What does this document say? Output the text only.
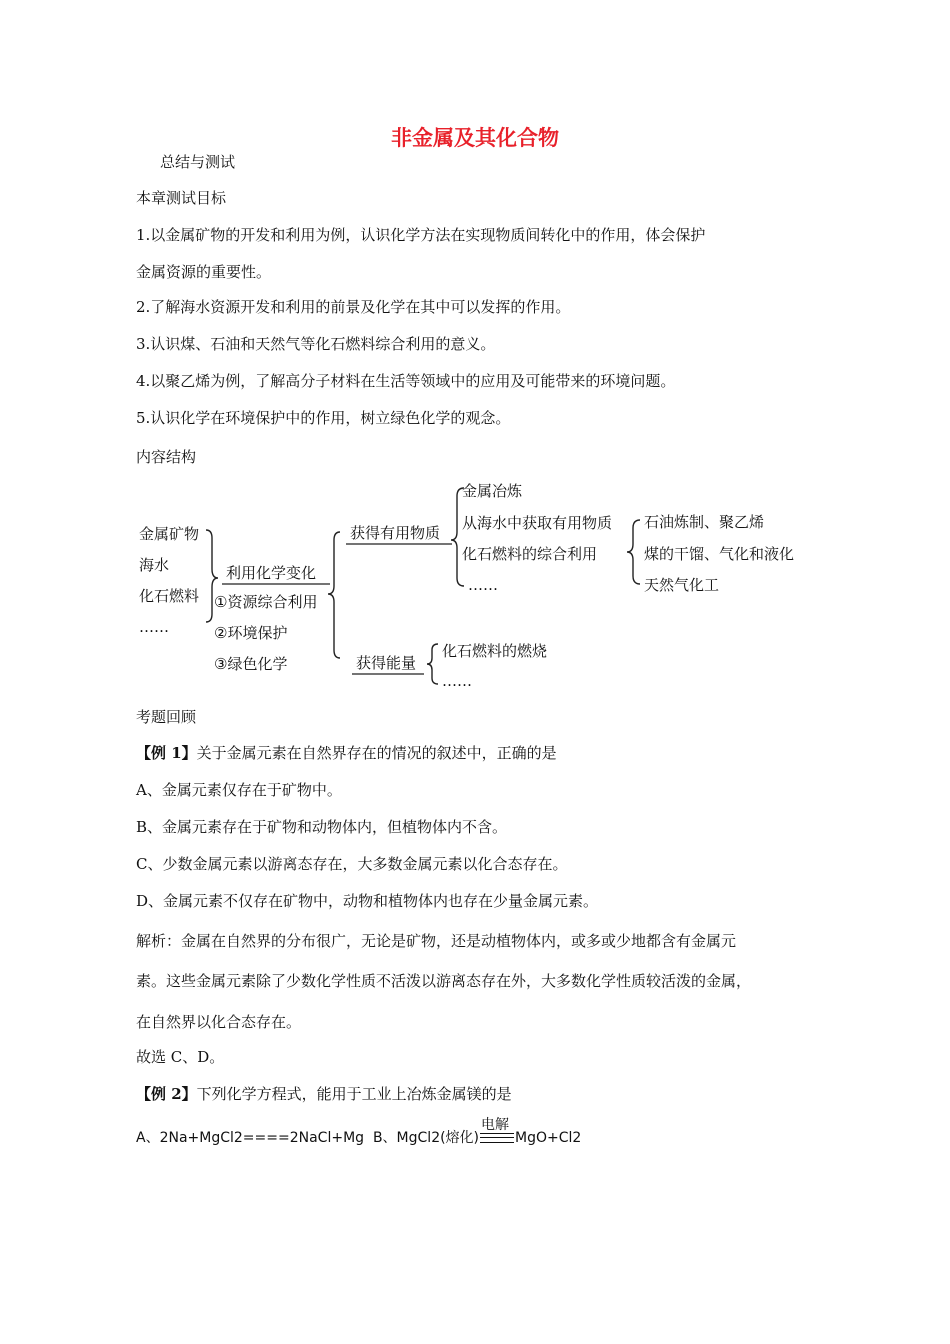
非金属及其化合物
总结与测试
本章测试目标
1.以金属矿物的开发和利用为例，认识化学方法在实现物质间转化中的作用，体会保护
金属资源的重要性。
2.了解海水资源开发和利用的前景及化学在其中可以发挥的作用。
3.认识煤、石油和天然气等化石燃料综合利用的意义。
4.以聚乙烯为例，了解高分子材料在生活等领域中的应用及可能带来的环境问题。
5.认识化学在环境保护中的作用，树立绿色化学的观念。
内容结构
金属矿物
海水
化石燃料
……
利用化学变化
①资源综合利用
②环境保护
③绿色化学
获得有用物质
金属冶炼
从海水中获取有用物质
化石燃料的综合利用
……
石油炼制、聚乙烯
煤的干馏、气化和液化
天然气化工
获得能量
化石燃料的燃烧
……
考题回顾
【例 1】关于金属元素在自然界存在的情况的叙述中，正确的是
A、金属元素仅存在于矿物中。
B、金属元素存在于矿物和动物体内，但植物体内不含。
C、少数金属元素以游离态存在，大多数金属元素以化合态存在。
D、金属元素不仅存在矿物中，动物和植物体内也存在少量金属元素。
解析：金属在自然界的分布很广，无论是矿物，还是动植物体内，或多或少地都含有金属元
素。这些金属元素除了少数化学性质不活泼以游离态存在外，大多数化学性质较活泼的金属，
在自然界以化合态存在。
故选 C、D。
【例 2】下列化学方程式，能用于工业上冶炼金属镁的是
A、2Na+MgCl2====2NaCl+Mg B、MgCl2(熔化)
电解
MgO+Cl2
